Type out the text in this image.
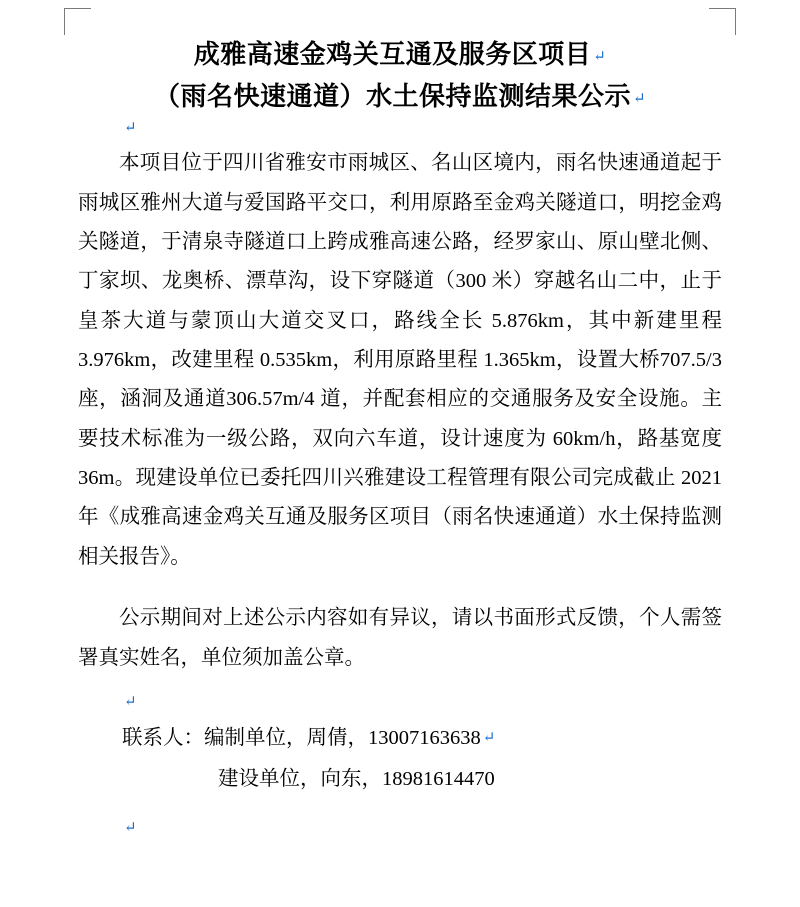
成雅高速金鸡关互通及服务区项目 ↵
（雨名快速通道）水土保持监测结果公示 ↵
↵

本项目位于四川省雅安市雨城区、名山区境内，雨名快速通道起于雨城区雅州大道与爱国路平交口，利用原路至金鸡关隧道口，明挖金鸡关隧道，于清泉寺隧道口上跨成雅高速公路，经罗家山、原山壁北侧、丁家坝、龙奥桥、漂草沟，设下穿隧道（300 米）穿越名山二中，止于皇茶大道与蒙顶山大道交叉口，路线全长 5.876km，其中新建里程 3.976km，改建里程 0.535km，利用原路里程 1.365km，设置大桥707.5/3 座，涵洞及通道306.57m/4 道，并配套相应的交通服务及安全设施。主要技术标准为一级公路，双向六车道，设计速度为 60km/h，路基宽度 36m。现建设单位已委托四川兴雅建设工程管理有限公司完成截止 2021 年《成雅高速金鸡关互通及服务区项目（雨名快速通道）水土保持监测相关报告》。

公示期间对上述公示内容如有异议，请以书面形式反馈，个人需签署真实姓名，单位须加盖公章。

↵
联系人：编制单位，周倩，13007163638 ↵
建设单位，向东，18981614470
↵
